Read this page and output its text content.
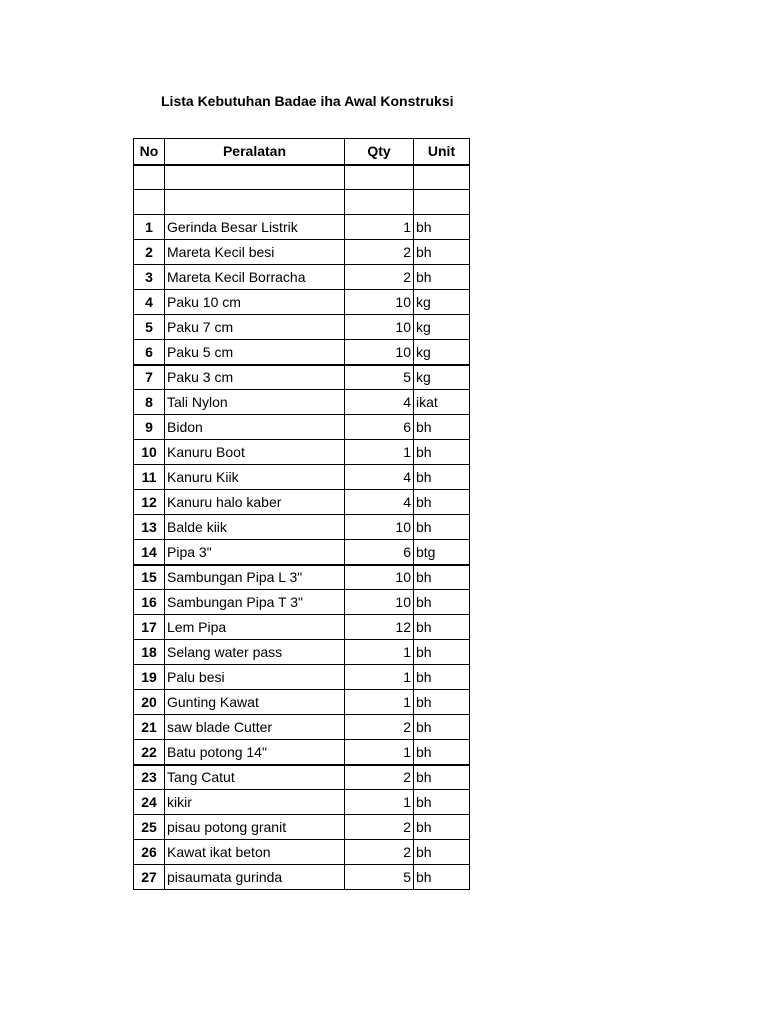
Lista Kebutuhan Badae iha Awal Konstruksi
No	Peralatan	Qty	Unit

1	Gerinda Besar Listrik	1	bh
2	Mareta Kecil besi	2	bh
3	Mareta Kecil Borracha	2	bh
4	Paku 10 cm	10	kg
5	Paku 7 cm	10	kg
6	Paku 5 cm	10	kg
7	Paku 3 cm	5	kg
8	Tali Nylon	4	ikat
9	Bidon	6	bh
10	Kanuru Boot	1	bh
11	Kanuru Kiik	4	bh
12	Kanuru halo kaber	4	bh
13	Balde kiik	10	bh
14	Pipa 3"	6	btg
15	Sambungan Pipa L 3"	10	bh
16	Sambungan Pipa T 3"	10	bh
17	Lem Pipa	12	bh
18	Selang water pass	1	bh
19	Palu besi	1	bh
20	Gunting Kawat	1	bh
21	saw blade Cutter	2	bh
22	Batu potong 14"	1	bh
23	Tang Catut	2	bh
24	kikir	1	bh
25	pisau potong granit	2	bh
26	Kawat ikat beton	2	bh
27	pisaumata gurinda	5	bh
